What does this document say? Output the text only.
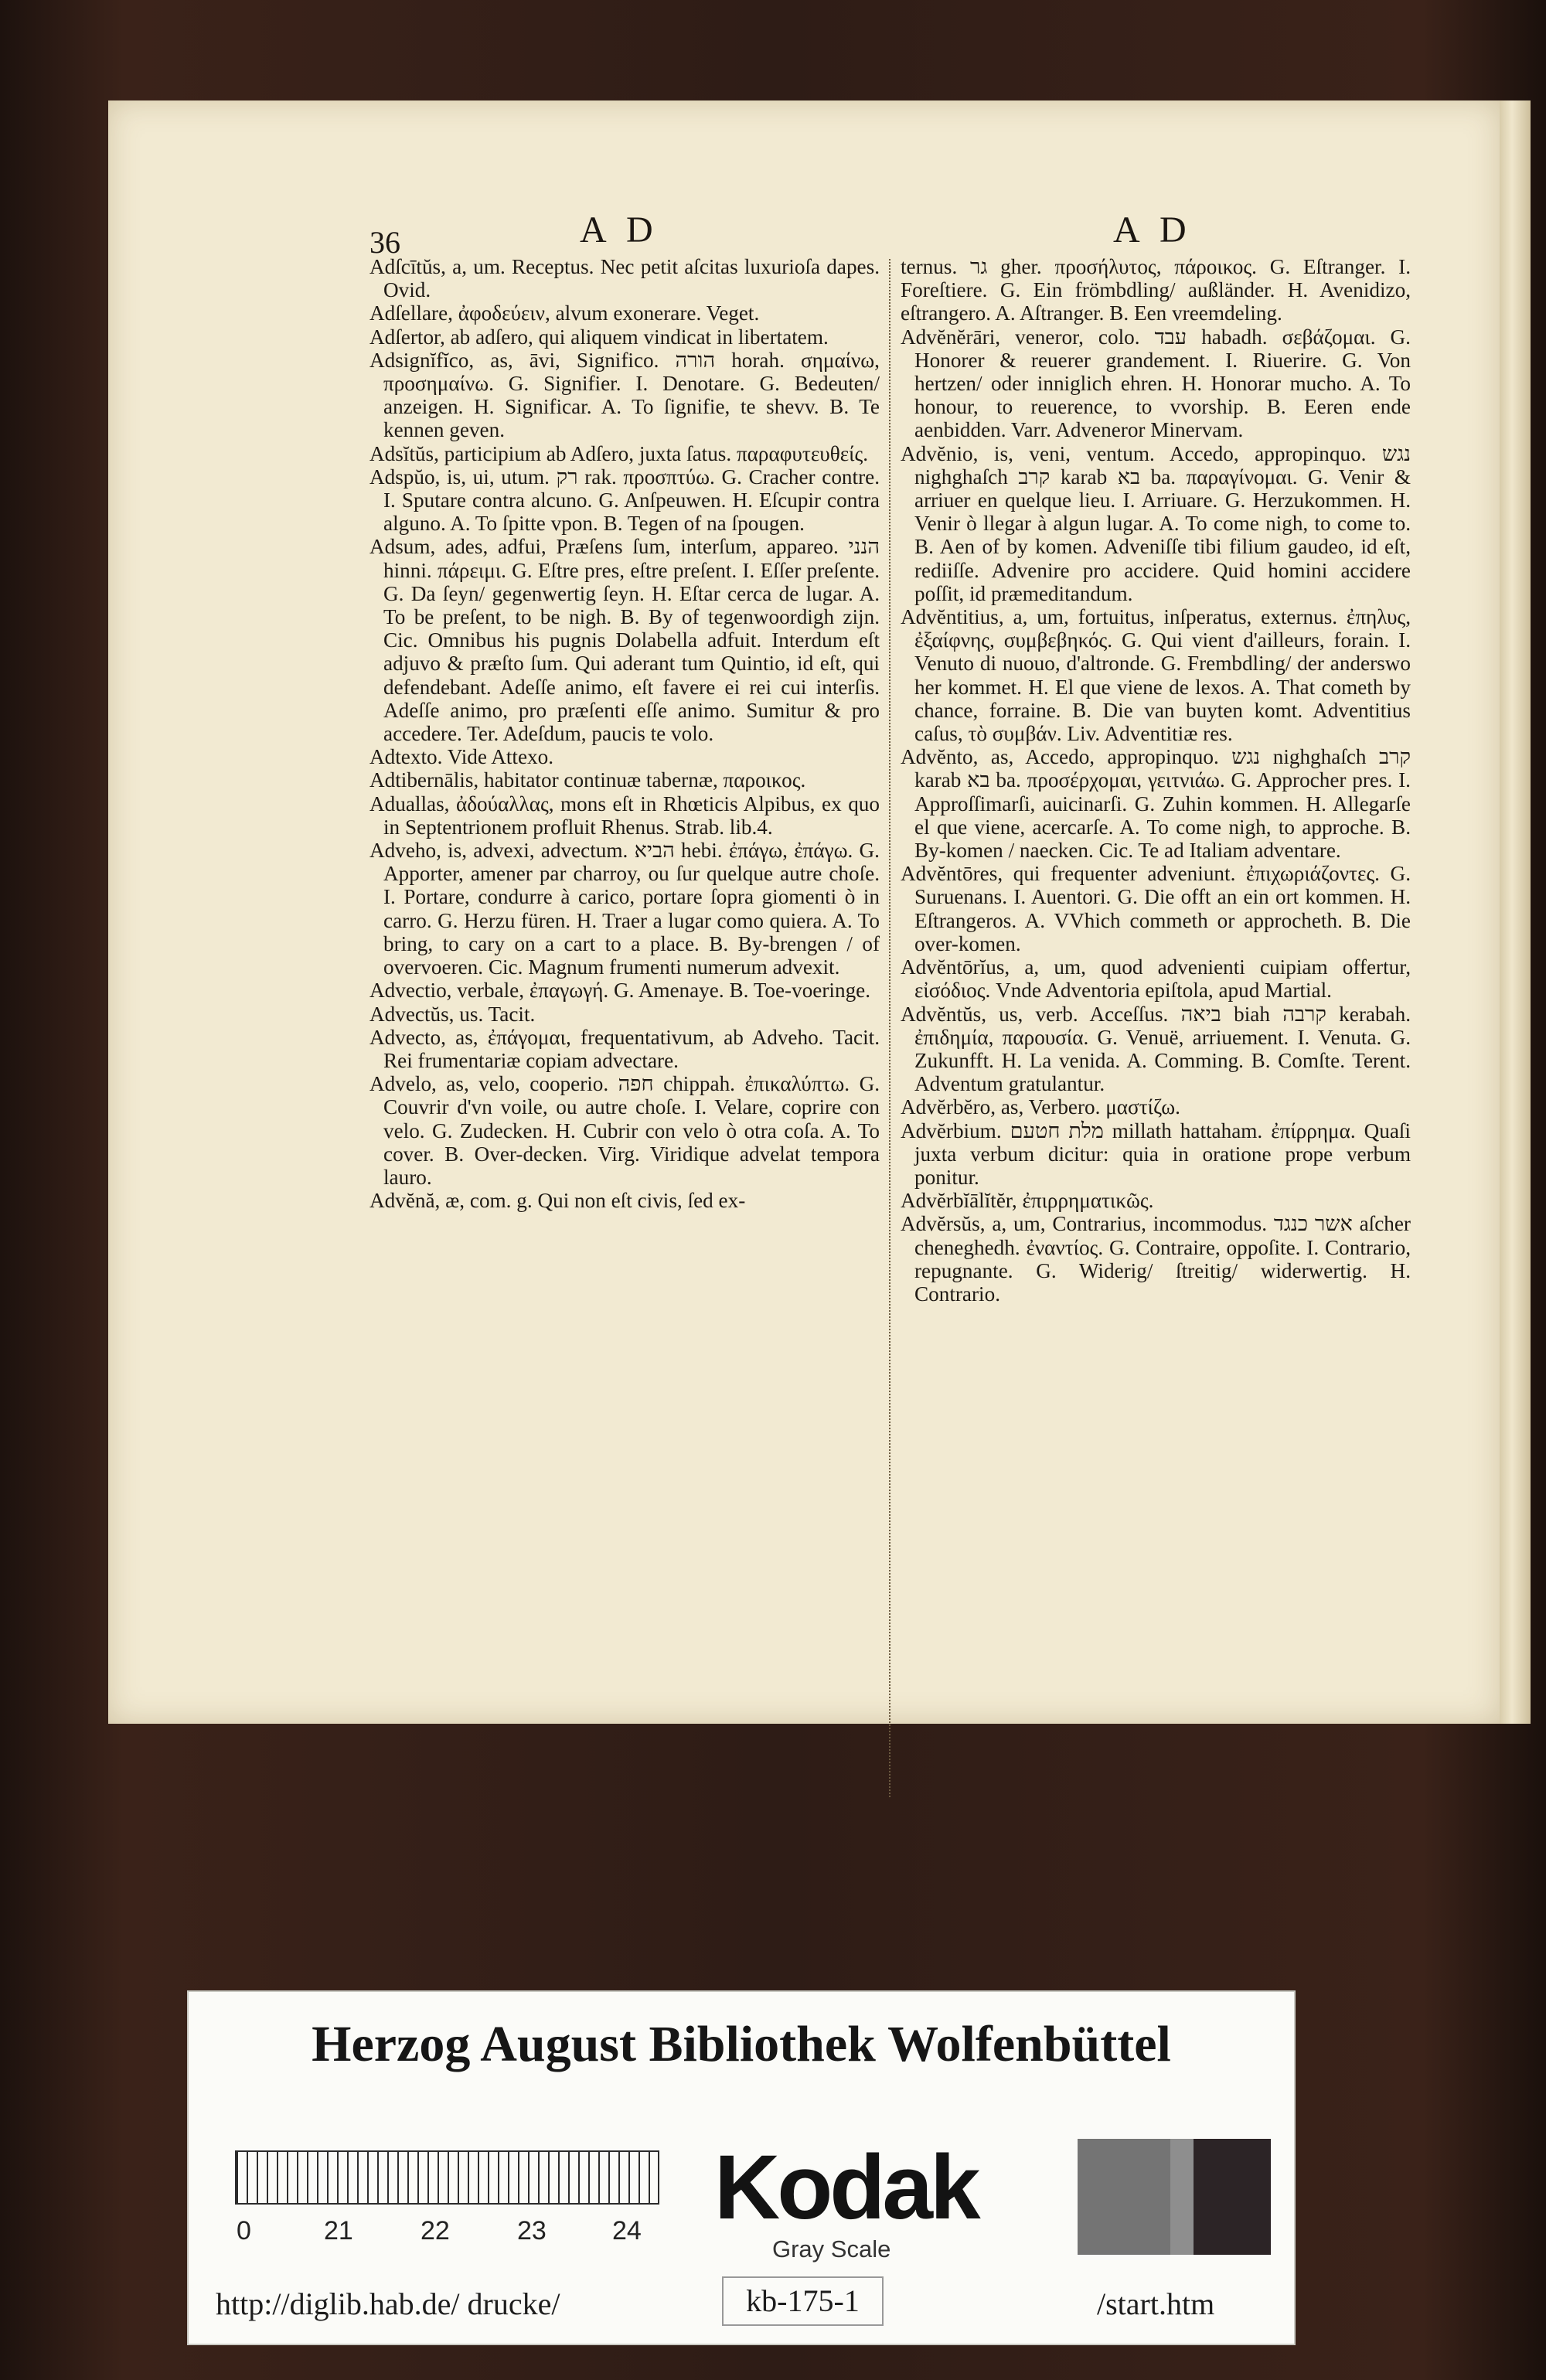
36	A D	A D

Adſcītŭs, a, um. Receptus. Nec petit aſcitas luxurioſa dapes. Ovid.

Adſellare, ἀφοδεύειν, alvum exonerare. Veget.

Adſertor, ab adſero, qui aliquem vindicat in libertatem.

Adsignĭfĭco, as, āvi, Significo. הורה horah. σημαίνω, προσημαίνω. G. Signifier. I. Denotare. G. Bedeuten/ anzeigen. H. Significar. A. To ſignifie, te shevv. B. Te kennen geven.

Adsĭtŭs, participium ab Adſero, juxta ſatus. παραφυτευθείς.

Adspŭo, is, ui, utum. רק rak. προσπτύω. G. Cracher contre. I. Sputare contra alcuno. G. Anſpeuwen. H. Eſcupir contra alguno. A. To ſpitte vpon. B. Tegen of na ſpougen.

Adsum, ades, adfui, Præſens ſum, interſum, appareo. הנני hinni. πάρειμι. G. Eſtre pres, eſtre preſent. I. Eſſer preſente. G. Da ſeyn/ gegenwertig ſeyn. H. Eſtar cerca de lugar. A. To be preſent, to be nigh. B. By of tegenwoordigh zijn. Cic. Omnibus his pugnis Dolabella adfuit. Interdum eſt adjuvo & præſto ſum. Qui aderant tum Quintio, id eſt, qui defendebant. Adeſſe animo, eſt favere ei rei cui interſis. Adeſſe animo, pro præſenti eſſe animo. Sumitur & pro accedere. Ter. Adeſdum, paucis te volo.

Adtexto. Vide Attexo.

Adtibernālis, habitator continuæ tabernæ, παροικος.

Aduallas, ἀδούαλλας, mons eſt in Rhœticis Alpibus, ex quo in Septentrionem profluit Rhenus. Strab. lib.4.

Adveho, is, advexi, advectum. הביא hebi. ἐπάγω, ἐπάγω. G. Apporter, amener par charroy, ou ſur quelque autre choſe. I. Portare, condurre à carico, portare ſopra giomenti ò in carro. G. Herzu füren. H. Traer a lugar como quiera. A. To bring, to cary on a cart to a place. B. By-brengen / of overvoeren. Cic. Magnum frumenti numerum advexit.

Advectio, verbale, ἐπαγωγή. G. Amenaye. B. Toe-voeringe.

Advectŭs, us. Tacit.

Advecto, as, ἐπάγομαι, frequentativum, ab Adveho. Tacit. Rei frumentariæ copiam advectare.

Advelo, as, velo, cooperio. חפה chippah. ἐπικαλύπτω. G. Couvrir d'vn voile, ou autre choſe. I. Velare, coprire con velo. G. Zudecken. H. Cubrir con velo ò otra coſa. A. To cover. B. Over-decken. Virg. Viridique advelat tempora lauro.

Advĕnă, æ, com. g. Qui non eſt civis, ſed ex-

ternus. גר gher. προσήλυτος, πάροικος. G. Eſtranger. I. Foreſtiere. G. Ein frömbdling/ außländer. H. Avenidizo, eſtrangero. A. Aſtranger. B. Een vreemdeling.

Advĕnĕrāri, veneror, colo. עבד habadh. σεβάζομαι. G. Honorer & reuerer grandement. I. Riuerire. G. Von hertzen/ oder inniglich ehren. H. Honorar mucho. A. To honour, to reuerence, to vvorship. B. Eeren ende aenbidden. Varr. Adveneror Minervam.

Advĕnio, is, veni, ventum. Accedo, appropinquo. נגש nighghaſch קרב karab בא ba. παραγίνομαι. G. Venir & arriuer en quelque lieu. I. Arriuare. G. Herzukommen. H. Venir ò llegar à algun lugar. A. To come nigh, to come to. B. Aen of by komen. Adveniſſe tibi filium gaudeo, id eſt, rediiſſe. Advenire pro accidere. Quid homini accidere poſſit, id præmeditandum.

Advĕntitius, a, um, fortuitus, inſperatus, externus. ἐπηλυς, ἐξαίφνης, συμβεβηκός. G. Qui vient d'ailleurs, forain. I. Venuto di nuouo, d'altronde. G. Frembdling/ der anderswo her kommet. H. El que viene de lexos. A. That cometh by chance, forraine. B. Die van buyten komt. Adventitius caſus, τὸ συμβάν. Liv. Adventitiæ res.

Advĕnto, as, Accedo, appropinquo. נגש nighghaſch קרב karab בא ba. προσέρχομαι, γειτνιάω. G. Approcher pres. I. Approſſimarſi, auicinarſi. G. Zuhin kommen. H. Allegarſe el que viene, acercarſe. A. To come nigh, to approche. B. By-komen / naecken. Cic. Te ad Italiam adventare.

Advĕntōres, qui frequenter adveniunt. ἐπιχωριάζοντες. G. Suruenans. I. Auentori. G. Die offt an ein ort kommen. H. Eſtrangeros. A. VVhich commeth or approcheth. B. Die over-komen.

Advĕntōrĭus, a, um, quod advenienti cuipiam offertur, εἰσόδιος. Vnde Adventoria epiſtola, apud Martial.

Advĕntŭs, us, verb. Acceſſus. ביאה biah קרבה kerabah. ἐπιδημία, παρουσία. G. Venuë, arriuement. I. Venuta. G. Zukunfft. H. La venida. A. Comming. B. Comſte. Terent. Adventum gratulantur.

Advĕrbĕro, as, Verbero. μαστίζω.

Advĕrbium. מלת חטעם millath hattaham. ἐπίρρημα. Quaſi juxta verbum dicitur: quia in oratione prope verbum ponitur.

Advĕrbĭālĭtĕr, ἐπιρρηματικῶς.

Advĕrsŭs, a, um, Contrarius, incommodus. אשר כנגד aſcher cheneghedh. ἐναντίος. G. Contraire, oppoſite. I. Contrario, repugnante. G. Widerig/ ſtreitig/ widerwertig. H. Contrario.

Herzog August Bibliothek Wolfenbüttel
0	21	22	23	24 Kodak
Gray Scale
http://diglib.hab.de/ drucke/	kb-175-1	/start.htm
